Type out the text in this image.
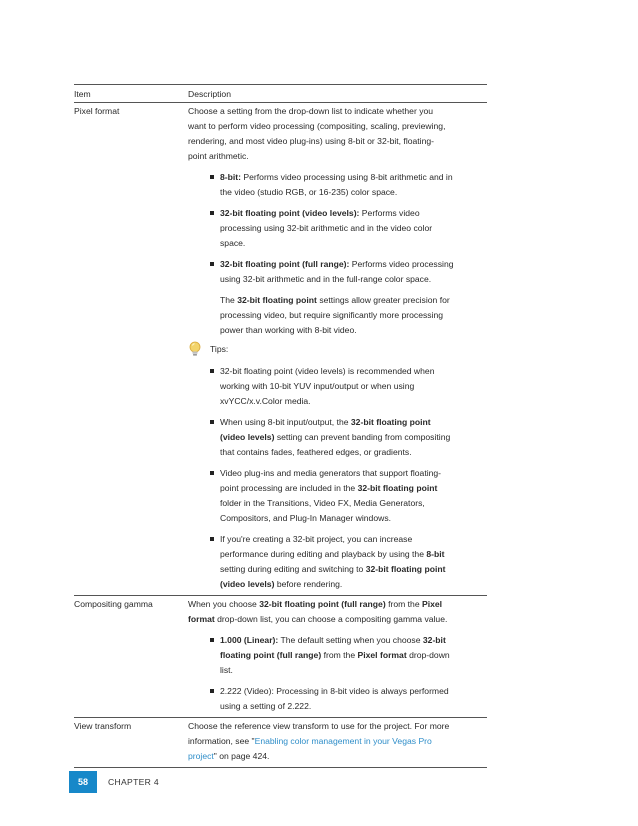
Item	Description
Pixel format	Choose a setting from the drop-down list to indicate whether you
want to perform video processing (compositing, scaling, previewing,
rendering, and most video plug-ins) using 8-bit or 32-bit, floating-
point arithmetic.

8-bit: Performs video processing using 8-bit arithmetic and in
the video (studio RGB, or 16-235) color space.
32-bit floating point (video levels): Performs video
processing using 32-bit arithmetic and in the video color
space.
32-bit floating point (full range): Performs video processing
using 32-bit arithmetic and in the full-range color space.
The 32-bit floating point settings allow greater precision for
processing video, but require significantly more processing
power than working with 8-bit video.
Tips:
32-bit floating point (video levels) is recommended when
working with 10-bit YUV input/output or when using
xvYCC/x.v.Color media.
When using 8-bit input/output, the 32-bit floating point
(video levels) setting can prevent banding from compositing
that contains fades, feathered edges, or gradients.
Video plug-ins and media generators that support floating-
point processing are included in the 32-bit floating point
folder in the Transitions, Video FX, Media Generators,
Compositors, and Plug-In Manager windows.
If you're creating a 32-bit project, you can increase
performance during editing and playback by using the 8-bit
setting during editing and switching to 32-bit floating point
(video levels) before rendering.
Compositing gamma	When you choose 32-bit floating point (full range) from the Pixel
format drop-down list, you can choose a compositing gamma value.

1.000 (Linear): The default setting when you choose 32-bit
floating point (full range) from the Pixel format drop-down
list.
2.222 (Video): Processing in 8-bit video is always performed
using a setting of 2.222.
View transform	Choose the reference view transform to use for the project. For more
information, see "Enabling color management in your Vegas Pro
project" on page 424.
58	CHAPTER 4
